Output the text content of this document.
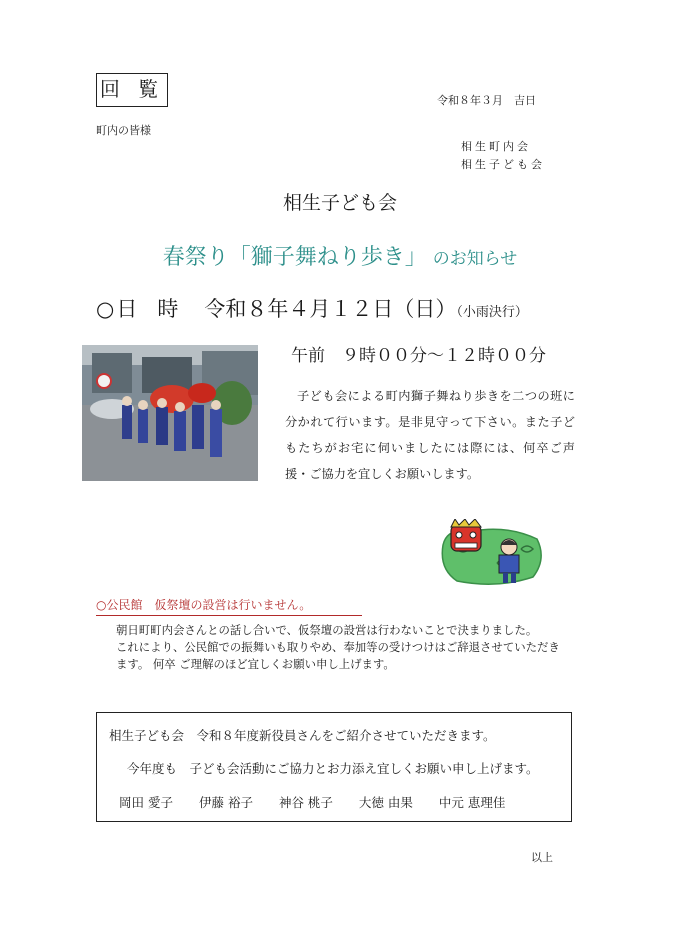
回 覧	令和８年３月　吉日
町内の皆様
相生町内会
相生子ども会
相生子ども会
春祭り「獅子舞ねり歩き」 のお知らせ
○日時 令和８年４月１２日（日）（小雨決行）
午前　９時００分～１２時００分
子ども会による町内獅子舞ねり歩きを二つの班に分かれて行います。是非見守って下さい。また子どもたちがお宅に伺いましたには際には、何卒ご声援・ご協力を宜しくお願いします。
○公民館 仮祭壇の設営は行いません。
朝日町町内会さんとの話し合いで、仮祭壇の設営は行わないことで決まりました。
これにより、公民館での振舞いも取りやめ、奉加等の受けつけはご辞退させていただきます。 何卒 ご理解のほど宜しくお願い申し上げます。
相生子ども会　令和８年度新役員さんをご紹介させていただきます。
今年度も　子ども会活動にご協力とお力添え宜しくお願い申し上げます。
岡田 愛子 伊藤 裕子 神谷 桃子 大徳 由果 中元 恵理佳
以上
